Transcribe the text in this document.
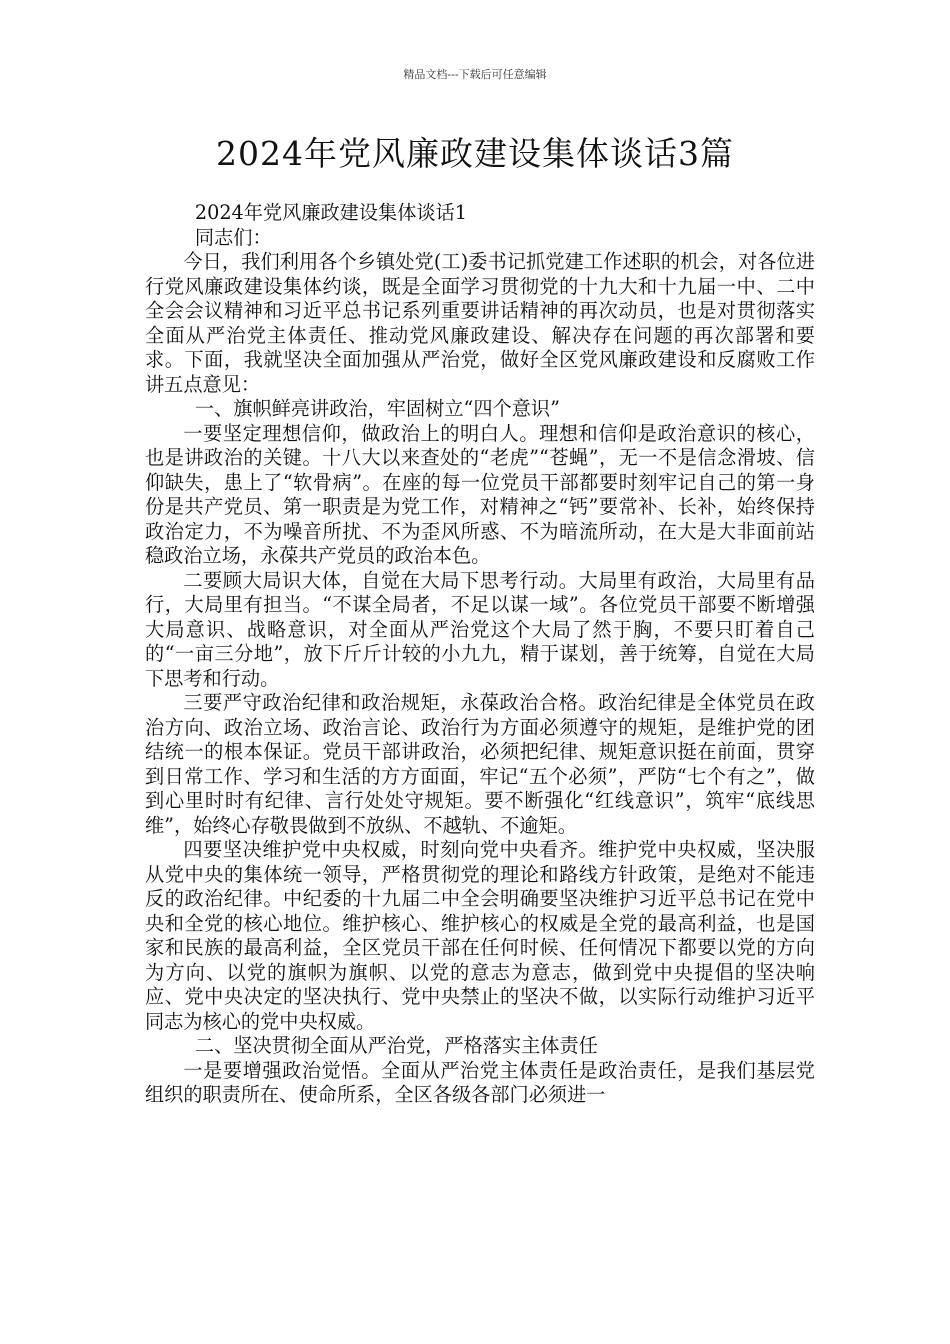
精品文档---下载后可任意编辑
2024年党风廉政建设集体谈话3篇

2024年党风廉政建设集体谈话1

同志们：

今日，我们利用各个乡镇处党(工)委书记抓党建工作述职的机会，对各位进行党风廉政建设集体约谈，既是全面学习贯彻党的十九大和十九届一中、二中全会会议精神和习近平总书记系列重要讲话精神的再次动员，也是对贯彻落实全面从严治党主体责任、推动党风廉政建设、解决存在问题的再次部署和要求。下面，我就坚决全面加强从严治党，做好全区党风廉政建设和反腐败工作讲五点意见：

一、旗帜鲜亮讲政治，牢固树立“四个意识”

一要坚定理想信仰，做政治上的明白人。理想和信仰是政治意识的核心，也是讲政治的关键。十八大以来查处的“老虎”“苍蝇”，无一不是信念滑坡、信仰缺失，患上了“软骨病”。在座的每一位党员干部都要时刻牢记自己的第一身份是共产党员、第一职责是为党工作，对精神之“钙”要常补、长补，始终保持政治定力，不为噪音所扰、不为歪风所惑、不为暗流所动，在大是大非面前站稳政治立场，永葆共产党员的政治本色。

二要顾大局识大体，自觉在大局下思考行动。大局里有政治，大局里有品行，大局里有担当。“不谋全局者，不足以谋一域”。各位党员干部要不断增强大局意识、战略意识，对全面从严治党这个大局了然于胸，不要只盯着自己的“一亩三分地”，放下斤斤计较的小九九，精于谋划，善于统筹，自觉在大局下思考和行动。

三要严守政治纪律和政治规矩，永葆政治合格。政治纪律是全体党员在政治方向、政治立场、政治言论、政治行为方面必须遵守的规矩，是维护党的团结统一的根本保证。党员干部讲政治，必须把纪律、规矩意识挺在前面，贯穿到日常工作、学习和生活的方方面面，牢记“五个必须”，严防“七个有之”，做到心里时时有纪律、言行处处守规矩。要不断强化“红线意识”，筑牢“底线思维”，始终心存敬畏做到不放纵、不越轨、不逾矩。

四要坚决维护党中央权威，时刻向党中央看齐。维护党中央权威，坚决服从党中央的集体统一领导，严格贯彻党的理论和路线方针政策，是绝对不能违反的政治纪律。中纪委的十九届二中全会明确要坚决维护习近平总书记在党中央和全党的核心地位。维护核心、维护核心的权威是全党的最高利益，也是国家和民族的最高利益，全区党员干部在任何时候、任何情况下都要以党的方向为方向、以党的旗帜为旗帜、以党的意志为意志，做到党中央提倡的坚决响应、党中央决定的坚决执行、党中央禁止的坚决不做，以实际行动维护习近平同志为核心的党中央权威。

二、坚决贯彻全面从严治党，严格落实主体责任

一是要增强政治觉悟。全面从严治党主体责任是政治责任，是我们基层党组织的职责所在、使命所系，全区各级各部门必须进一
